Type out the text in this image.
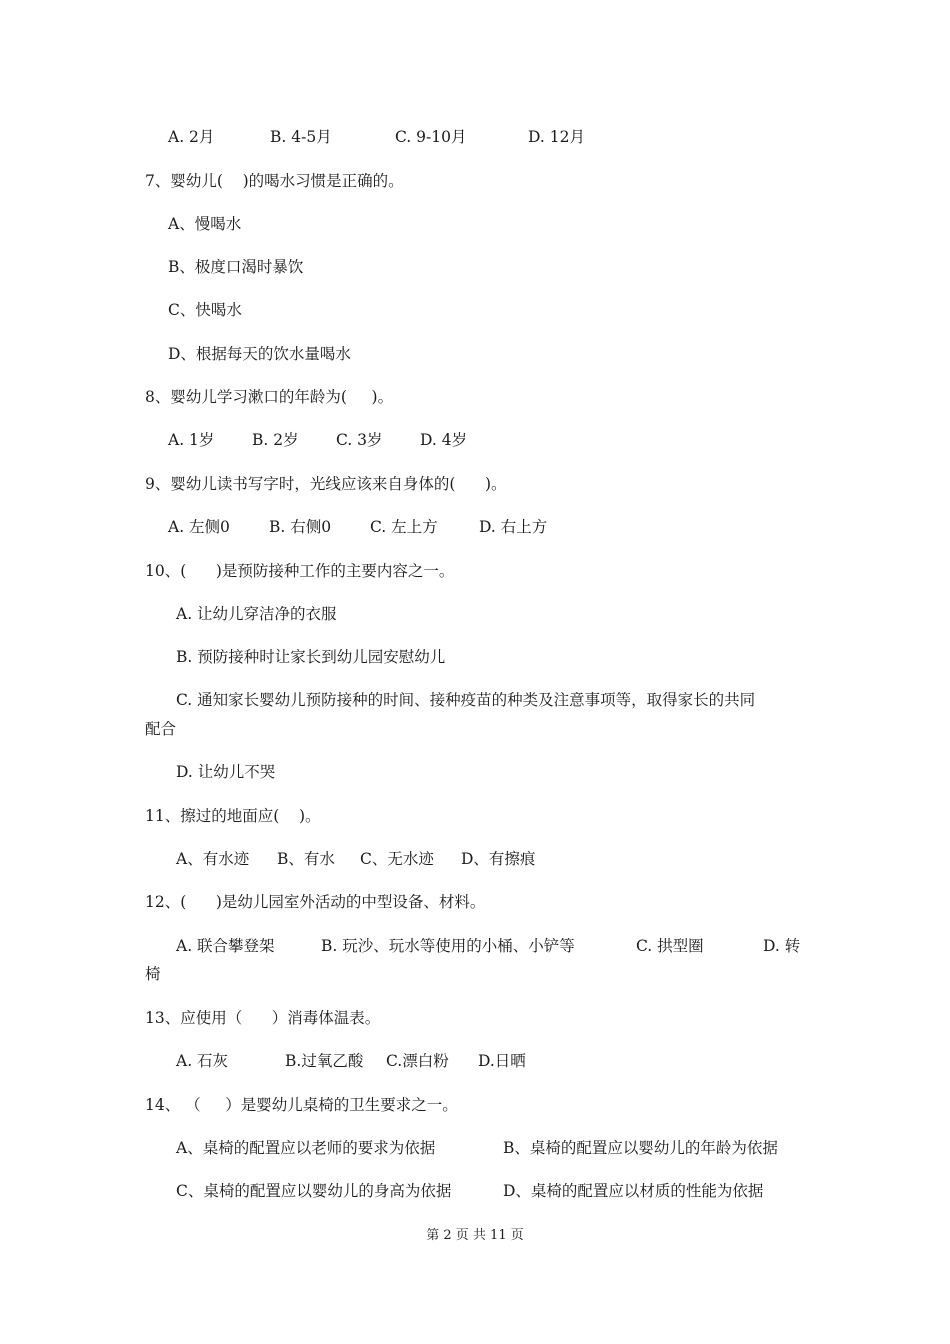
A. 2月	B. 4-5月	C. 9-10月	D. 12月
7、婴幼儿(    )的喝水习惯是正确的。
A、慢喝水
B、极度口渴时暴饮
C、快喝水
D、根据每天的饮水量喝水
8、婴幼儿学习漱口的年龄为(     )。
A. 1岁 B. 2岁 C. 3岁 D. 4岁
9、婴幼儿读书写字时，光线应该来自身体的(      )。
A. 左侧0	B. 右侧0	C. 左上方	D. 右上方
10、(      )是预防接种工作的主要内容之一。
A. 让幼儿穿洁净的衣服
B. 预防接种时让家长到幼儿园安慰幼儿
C. 通知家长婴幼儿预防接种的时间、接种疫苗的种类及注意事项等，取得家长的共同
配合
D. 让幼儿不哭
11、擦过的地面应(    )。
A、有水迹 B、有水 C、无水迹 D、有擦痕
12、(      )是幼儿园室外活动的中型设备、材料。
A. 联合攀登架	B. 玩沙、玩水等使用的小桶、小铲等	C. 拱型圈	D. 转
椅
13、应使用（      ）消毒体温表。
A. 石灰	B.过氧乙酸 C.漂白粉 D.日晒
14、 （     ）是婴幼儿桌椅的卫生要求之一。
A、桌椅的配置应以老师的要求为依据	B、桌椅的配置应以婴幼儿的年龄为依据
C、桌椅的配置应以婴幼儿的身高为依据	D、桌椅的配置应以材质的性能为依据
第 2 页 共 11 页
